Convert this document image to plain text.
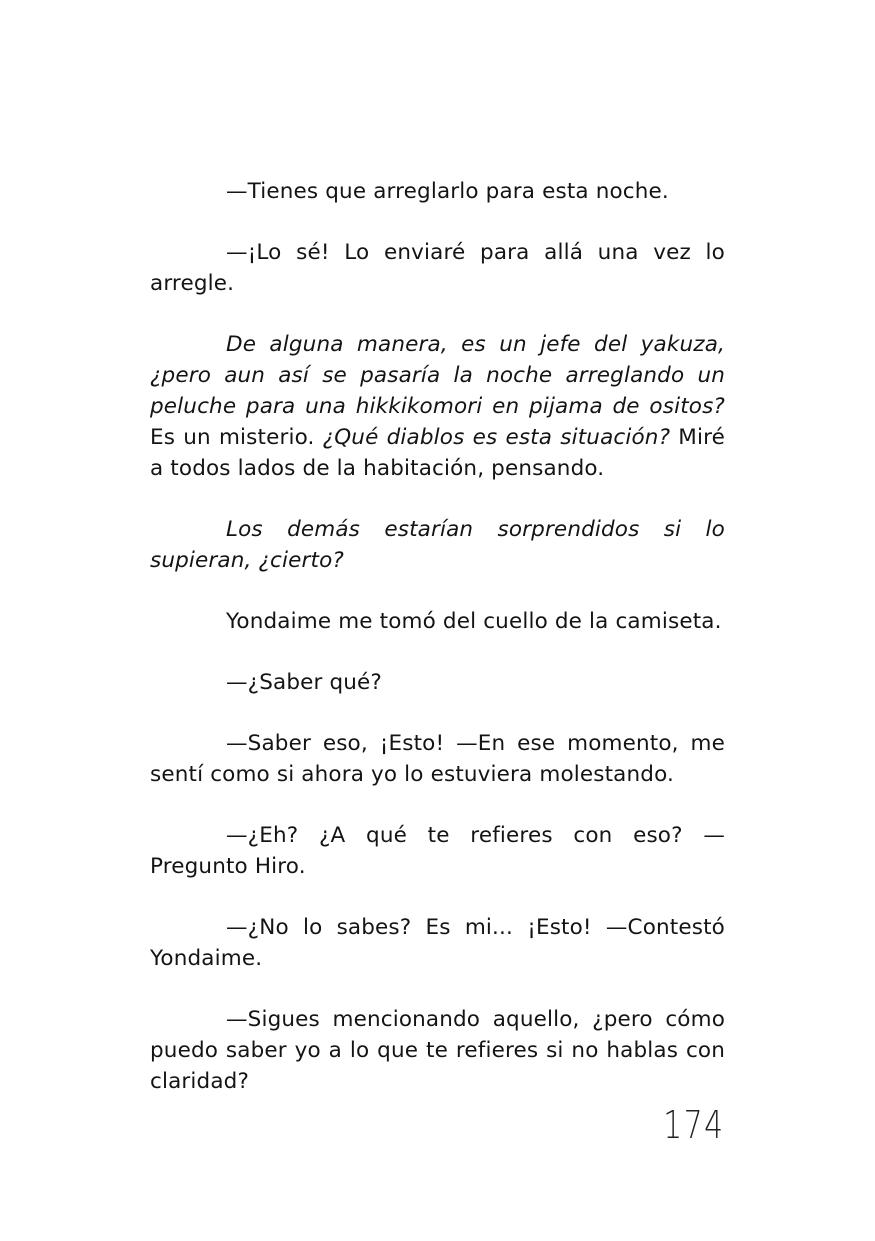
—Tienes que arreglarlo para esta noche.

—¡Lo sé! Lo enviaré para allá una vez lo arregle.

De alguna manera, es un jefe del yakuza, ¿pero aun así se pasaría la noche arreglando un peluche para una hikkikomori en pijama de ositos? Es un misterio. ¿Qué diablos es esta situación? Miré a todos lados de la habitación, pensando.

Los demás estarían sorprendidos si lo supieran, ¿cierto?

Yondaime me tomó del cuello de la camiseta.

—¿Saber qué?

—Saber eso, ¡Esto! —En ese momento, me sentí como si ahora yo lo estuviera molestando.

—¿Eh? ¿A qué te refieres con eso? —Pregunto Hiro.

—¿No lo sabes? Es mi... ¡Esto! —Contestó Yondaime.

—Sigues mencionando aquello, ¿pero cómo puedo saber yo a lo que te refieres si no hablas con claridad?

174
